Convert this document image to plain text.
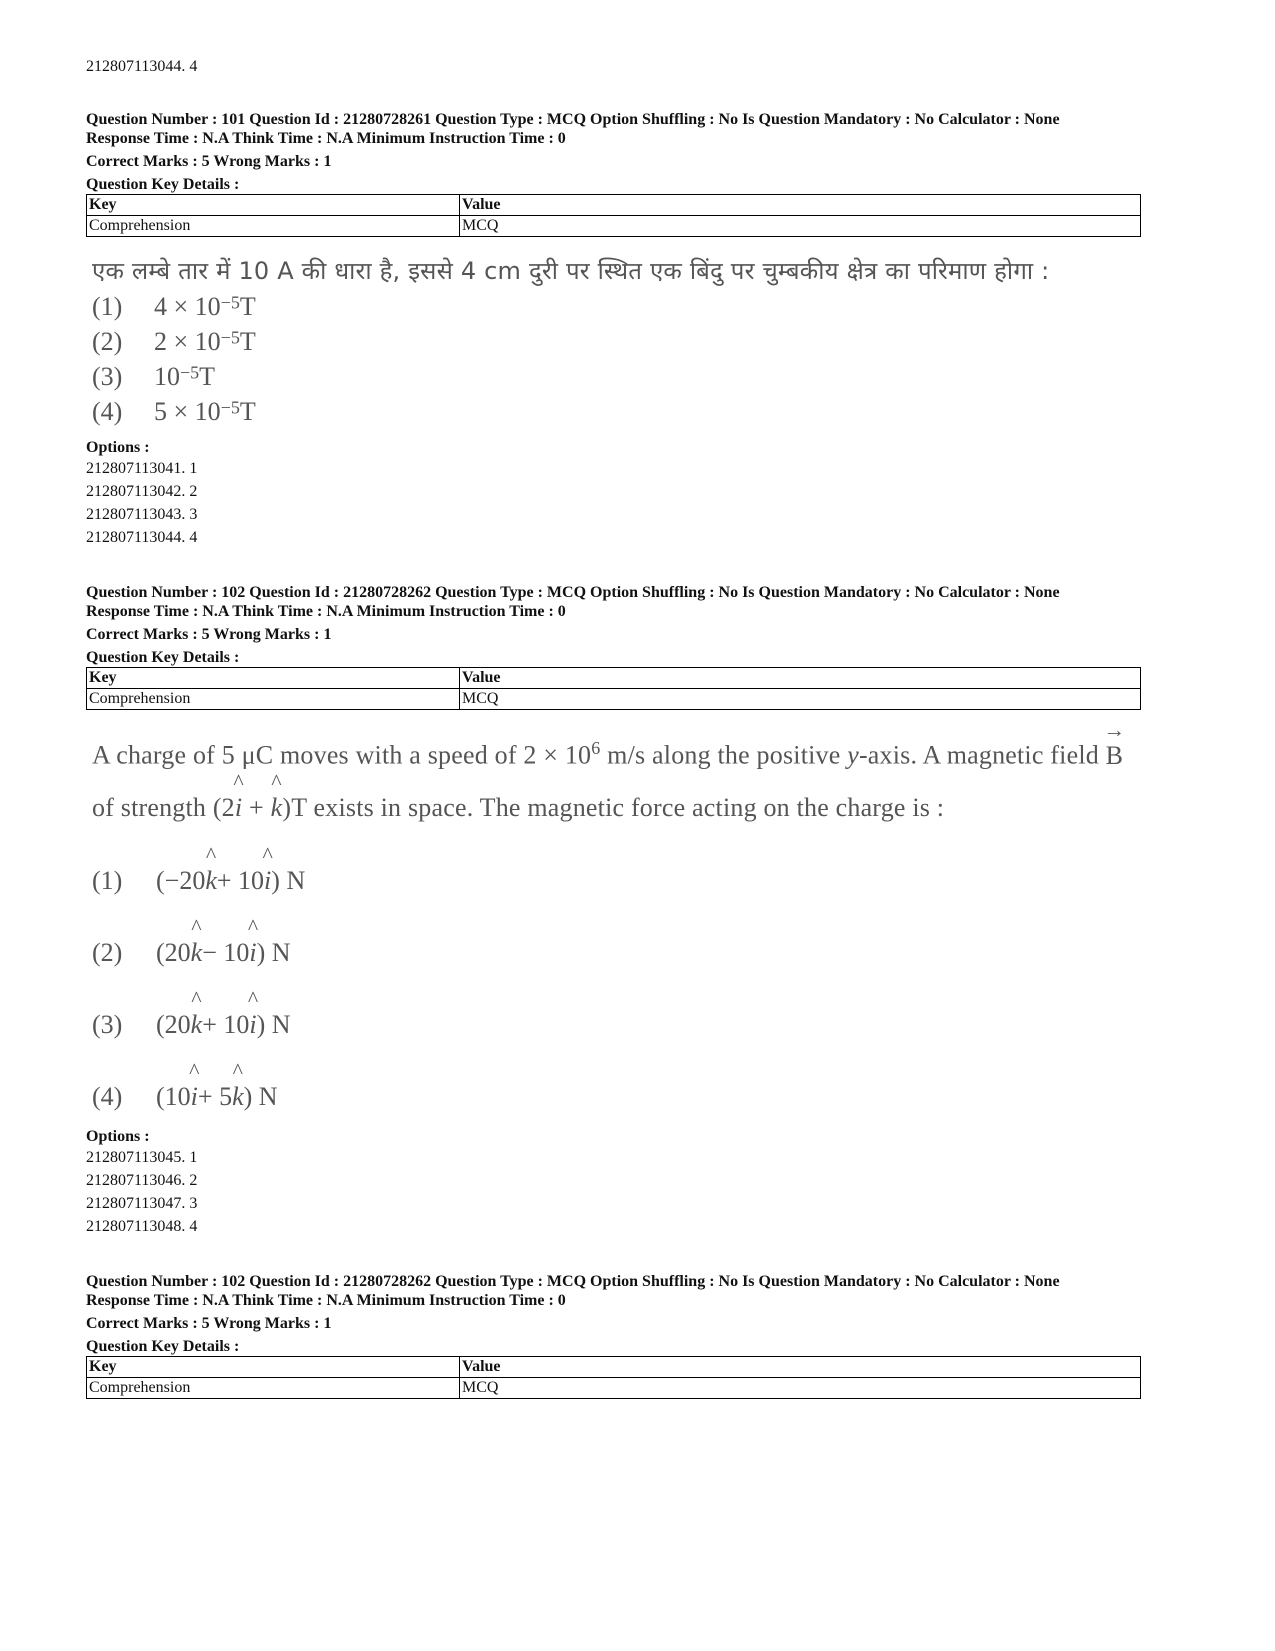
212807113044. 4
Question Number : 101 Question Id : 21280728261 Question Type : MCQ Option Shuffling : No Is Question Mandatory : No Calculator : None
Response Time : N.A Think Time : N.A Minimum Instruction Time : 0
Correct Marks : 5 Wrong Marks : 1
Question Key Details :
Key	Value
Comprehension	MCQ
एक लम्बे तार में 10 A की धारा है, इससे 4 cm दुरी पर स्थित एक बिंदु पर चुम्बकीय क्षेत्र का परिमाण होगा :
(1) $4 \times 10^{-5}T$
(2) $2 \times 10^{-5}T$
(3) $10^{-5}T$
(4) $5 \times 10^{-5}T$
Options :
212807113041. 1
212807113042. 2
212807113043. 3
212807113044. 4
Question Number : 102 Question Id : 21280728262 Question Type : MCQ Option Shuffling : No Is Question Mandatory : No Calculator : None
Response Time : N.A Think Time : N.A Minimum Instruction Time : 0
Correct Marks : 5 Wrong Marks : 1
Question Key Details :
Key	Value
Comprehension	MCQ
A charge of 5 μC moves with a speed of $2 \times 10^6$ m/s along the positive y-axis. A magnetic field → B
of strength (2^ i + ^ k)T exists in space. The magnetic force acting on the charge is :
(1) (−20^ k+ 10^ i) N
(2) (20^ k− 10^ i) N
(3) (20^ k+ 10^ i) N
(4) (10^ i+ 5^ k) N
Options :
212807113045. 1
212807113046. 2
212807113047. 3
212807113048. 4
Question Number : 102 Question Id : 21280728262 Question Type : MCQ Option Shuffling : No Is Question Mandatory : No Calculator : None
Response Time : N.A Think Time : N.A Minimum Instruction Time : 0
Correct Marks : 5 Wrong Marks : 1
Question Key Details :
Key	Value
Comprehension	MCQ
